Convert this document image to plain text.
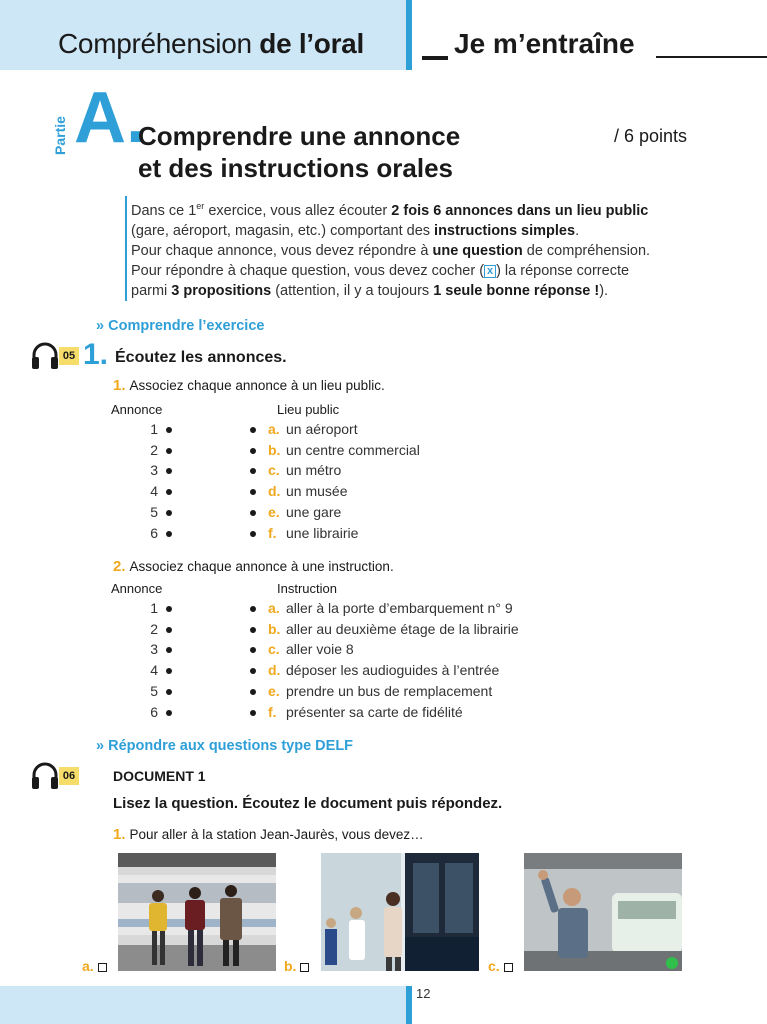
Compréhension de l’oral	Je m’entraîne
Partie A.
Comprendre une annonce
et des instructions orales
/ 6 points
Dans ce 1er exercice, vous allez écouter 2 fois 6 annonces dans un lieu public
(gare, aéroport, magasin, etc.) comportant des instructions simples.
Pour chaque annonce, vous devez répondre à une question de compréhension.
Pour répondre à chaque question, vous devez cocher ( x ) la réponse correcte
parmi 3 propositions (attention, il y a toujours 1 seule bonne réponse !).
» Comprendre l’exercice
05 1. Écoutez les annonces.
1. Associez chaque annonce à un lieu public.
Annonce	Lieu public
1	a. un aéroport
2	b. un centre commercial
3	c. un métro
4	d. un musée
5	e. une gare
6	f. une librairie
2. Associez chaque annonce à une instruction.
Annonce	Instruction
1	a. aller à la porte d’embarquement n° 9
2	b. aller au deuxième étage de la librairie
3	c. aller voie 8
4	d. déposer les audioguides à l’entrée
5	e. prendre un bus de remplacement
6	f. présenter sa carte de fidélité
» Répondre aux questions type DELF
06	DOCUMENT 1
Lisez la question. Écoutez le document puis répondez.
1. Pour aller à la station Jean-Jaurès, vous devez…
a.	b.	c.
12
